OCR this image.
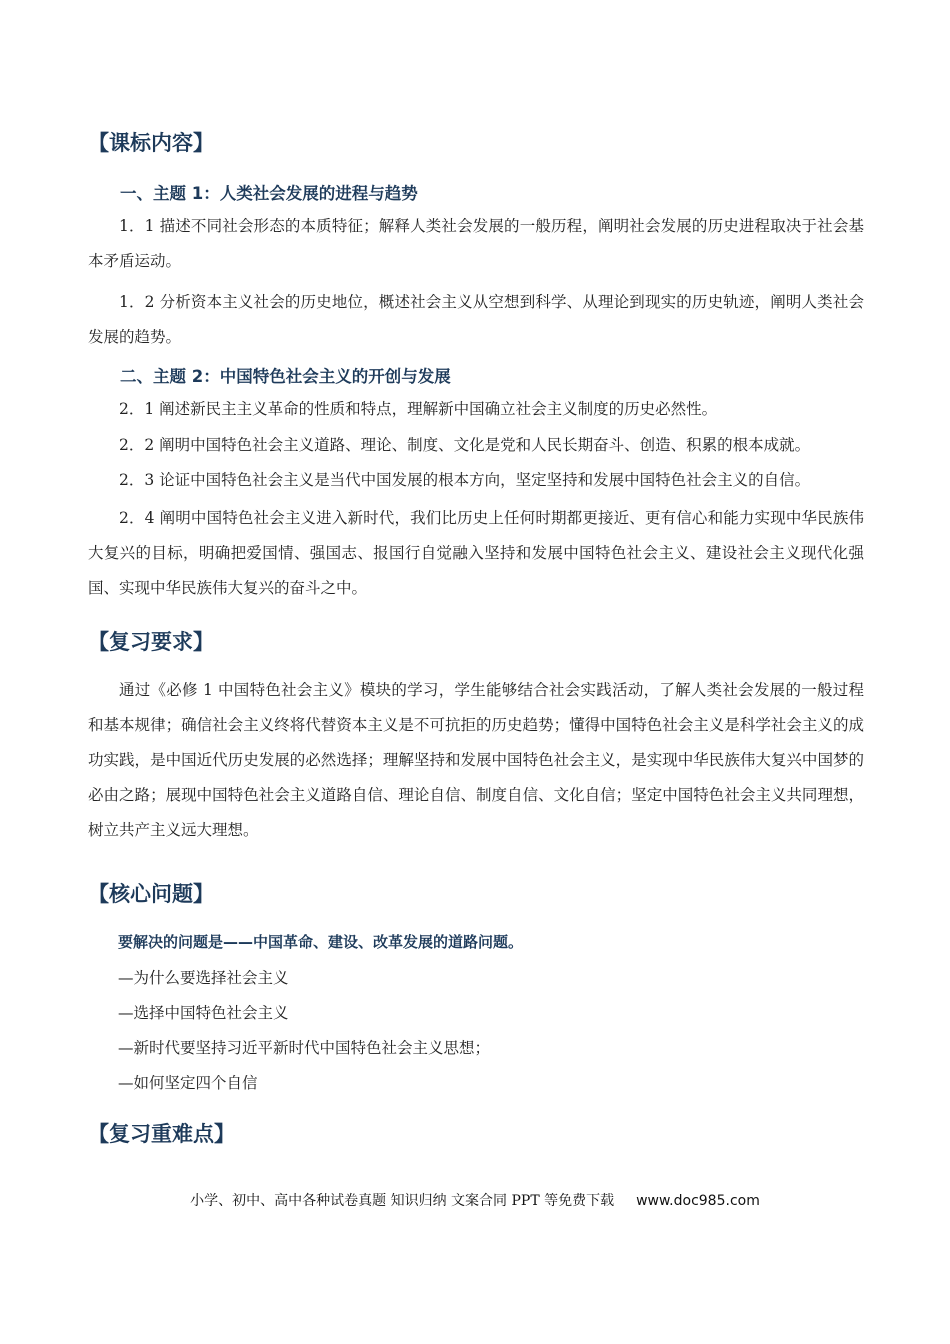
【课标内容】
一、主题 1：人类社会发展的进程与趋势
1．1 描述不同社会形态的本质特征；解释人类社会发展的一般历程，阐明社会发展的历史进程取决于社会基本矛盾运动。
1．2 分析资本主义社会的历史地位，概述社会主义从空想到科学、从理论到现实的历史轨迹，阐明人类社会发展的趋势。
二、主题 2：中国特色社会主义的开创与发展
2．1 阐述新民主主义革命的性质和特点，理解新中国确立社会主义制度的历史必然性。
2．2 阐明中国特色社会主义道路、理论、制度、文化是党和人民长期奋斗、创造、积累的根本成就。
2．3 论证中国特色社会主义是当代中国发展的根本方向，坚定坚持和发展中国特色社会主义的自信。
2．4 阐明中国特色社会主义进入新时代，我们比历史上任何时期都更接近、更有信心和能力实现中华民族伟大复兴的目标，明确把爱国情、强国志、报国行自觉融入坚持和发展中国特色社会主义、建设社会主义现代化强国、实现中华民族伟大复兴的奋斗之中。
【复习要求】
通过《必修 1 中国特色社会主义》模块的学习，学生能够结合社会实践活动，了解人类社会发展的一般过程和基本规律；确信社会主义终将代替资本主义是不可抗拒的历史趋势；懂得中国特色社会主义是科学社会主义的成功实践，是中国近代历史发展的必然选择；理解坚持和发展中国特色社会主义，是实现中华民族伟大复兴中国梦的必由之路；展现中国特色社会主义道路自信、理论自信、制度自信、文化自信；坚定中国特色社会主义共同理想，树立共产主义远大理想。
【核心问题】
要解决的问题是——中国革命、建设、改革发展的道路问题。
—为什么要选择社会主义
—选择中国特色社会主义
—新时代要坚持习近平新时代中国特色社会主义思想；
—如何坚定四个自信
【复习重难点】
小学、初中、高中各种试卷真题 知识归纳 文案合同 PPT 等免费下载 www.doc985.com
